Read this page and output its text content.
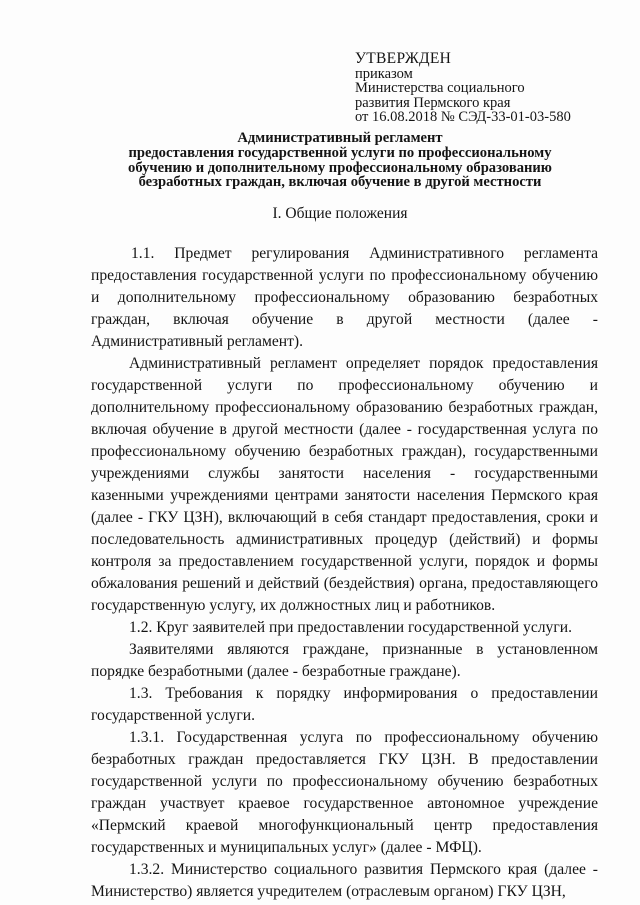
УТВЕРЖДЕН
приказом
Министерства социального
развития Пермского края
от 16.08.2018 № СЭД-33-01-03-580
Административный регламент
предоставления государственной услуги по профессиональному
обучению и дополнительному профессиональному образованию
безработных граждан, включая обучение в другой местности
I. Общие положения

1.1. Предмет регулирования Административного регламента предоставления государственной услуги по профессиональному обучению и дополнительному профессиональному образованию безработных граждан, включая обучение в другой местности (далее - Административный регламент).

Административный регламент определяет порядок предоставления государственной услуги по профессиональному обучению и дополнительному профессиональному образованию безработных граждан, включая обучение в другой местности (далее - государственная услуга по профессиональному обучению безработных граждан), государственными учреждениями службы занятости населения - государственными казенными учреждениями центрами занятости населения Пермского края (далее - ГКУ ЦЗН), включающий в себя стандарт предоставления, сроки и последовательность административных процедур (действий) и формы контроля за предоставлением государственной услуги, порядок и формы обжалования решений и действий (бездействия) органа, предоставляющего государственную услугу, их должностных лиц и работников.

1.2. Круг заявителей при предоставлении государственной услуги.

Заявителями являются граждане, признанные в установленном порядке безработными (далее - безработные граждане).

1.3. Требования к порядку информирования о предоставлении государственной услуги.

1.3.1. Государственная услуга по профессиональному обучению безработных граждан предоставляется ГКУ ЦЗН. В предоставлении государственной услуги по профессиональному обучению безработных граждан участвует краевое государственное автономное учреждение «Пермский краевой многофункциональный центр предоставления государственных и муниципальных услуг» (далее - МФЦ).

1.3.2. Министерство социального развития Пермского края (далее - Министерство) является учредителем (отраслевым органом) ГКУ ЦЗН,
